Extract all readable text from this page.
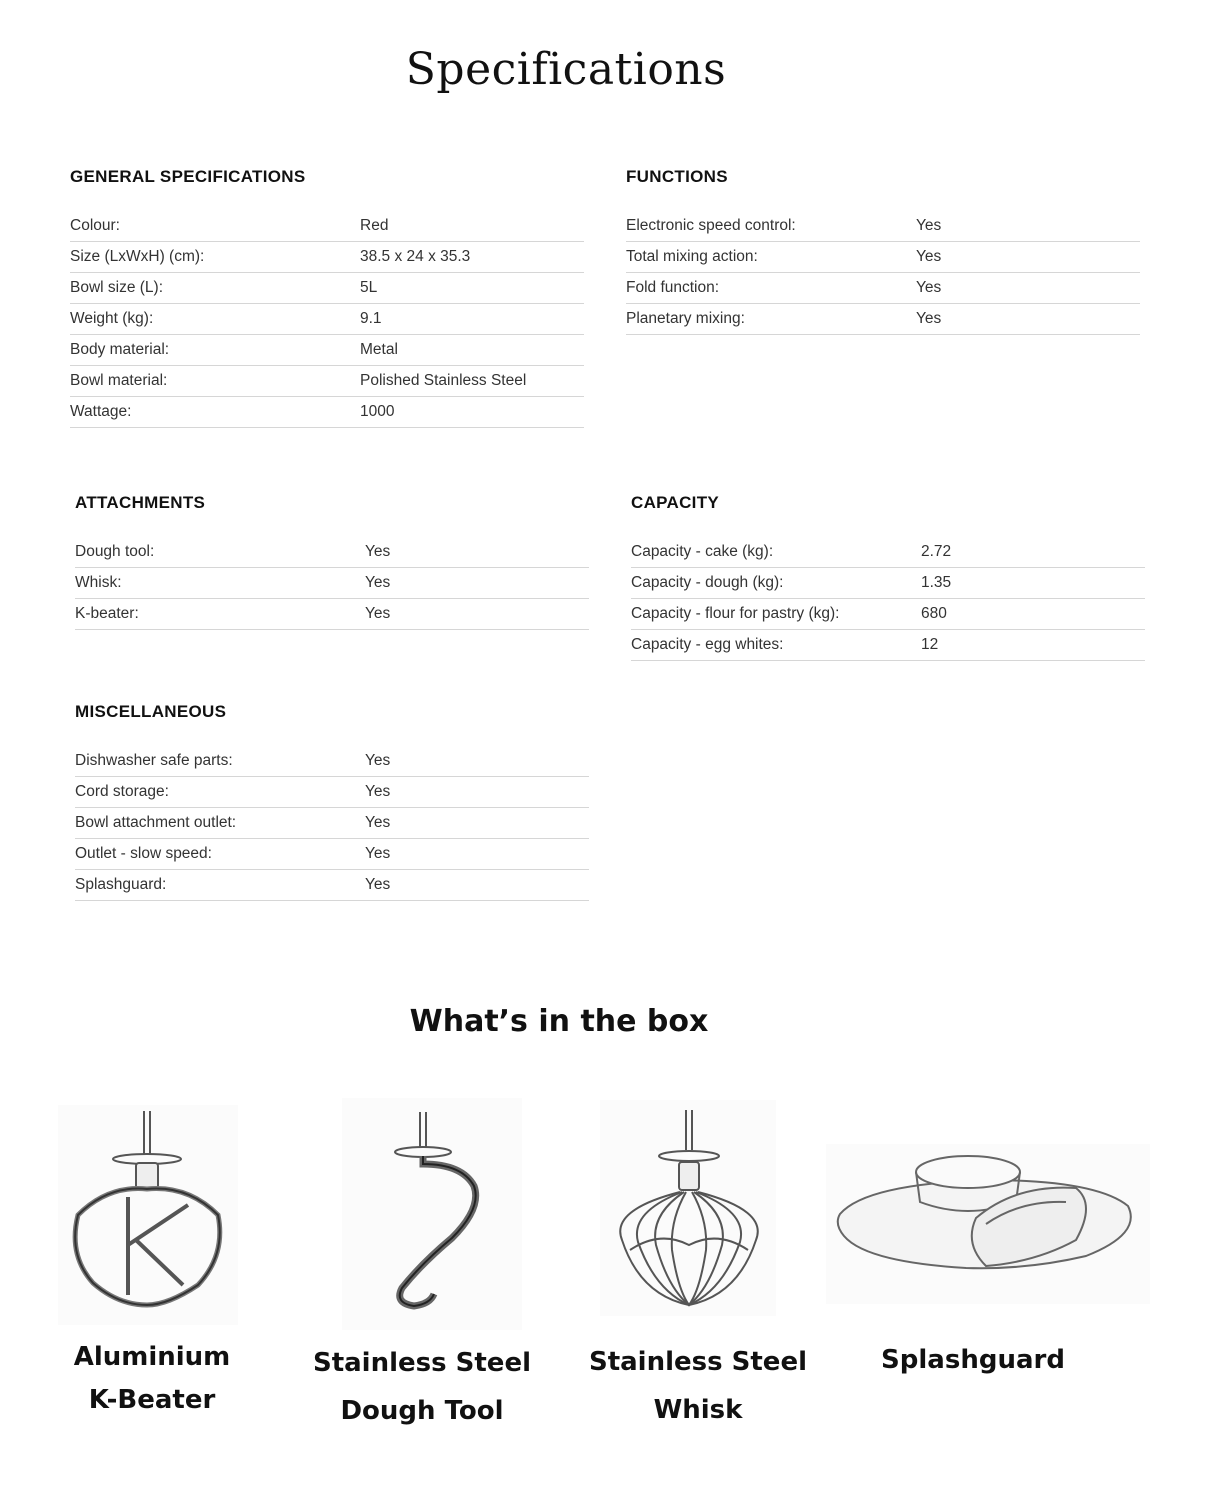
Specifications
GENERAL SPECIFICATIONS
Colour:	Red
Size (LxWxH) (cm):	38.5 x 24 x 35.3
Bowl size (L):	5L
Weight (kg):	9.1
Body material:	Metal
Bowl material:	Polished Stainless Steel
Wattage:	1000
FUNCTIONS
Electronic speed control:	Yes
Total mixing action:	Yes
Fold function:	Yes
Planetary mixing:	Yes
ATTACHMENTS
Dough tool:	Yes
Whisk:	Yes
K-beater:	Yes
CAPACITY
Capacity - cake (kg):	2.72
Capacity - dough (kg):	1.35
Capacity - flour for pastry (kg):	680
Capacity - egg whites:	12
MISCELLANEOUS
Dishwasher safe parts:	Yes
Cord storage:	Yes
Bowl attachment outlet:	Yes
Outlet - slow speed:	Yes
Splashguard:	Yes
What’s in the box
Aluminium
K-Beater
Stainless Steel
Dough Tool
Stainless Steel
Whisk
Splashguard
